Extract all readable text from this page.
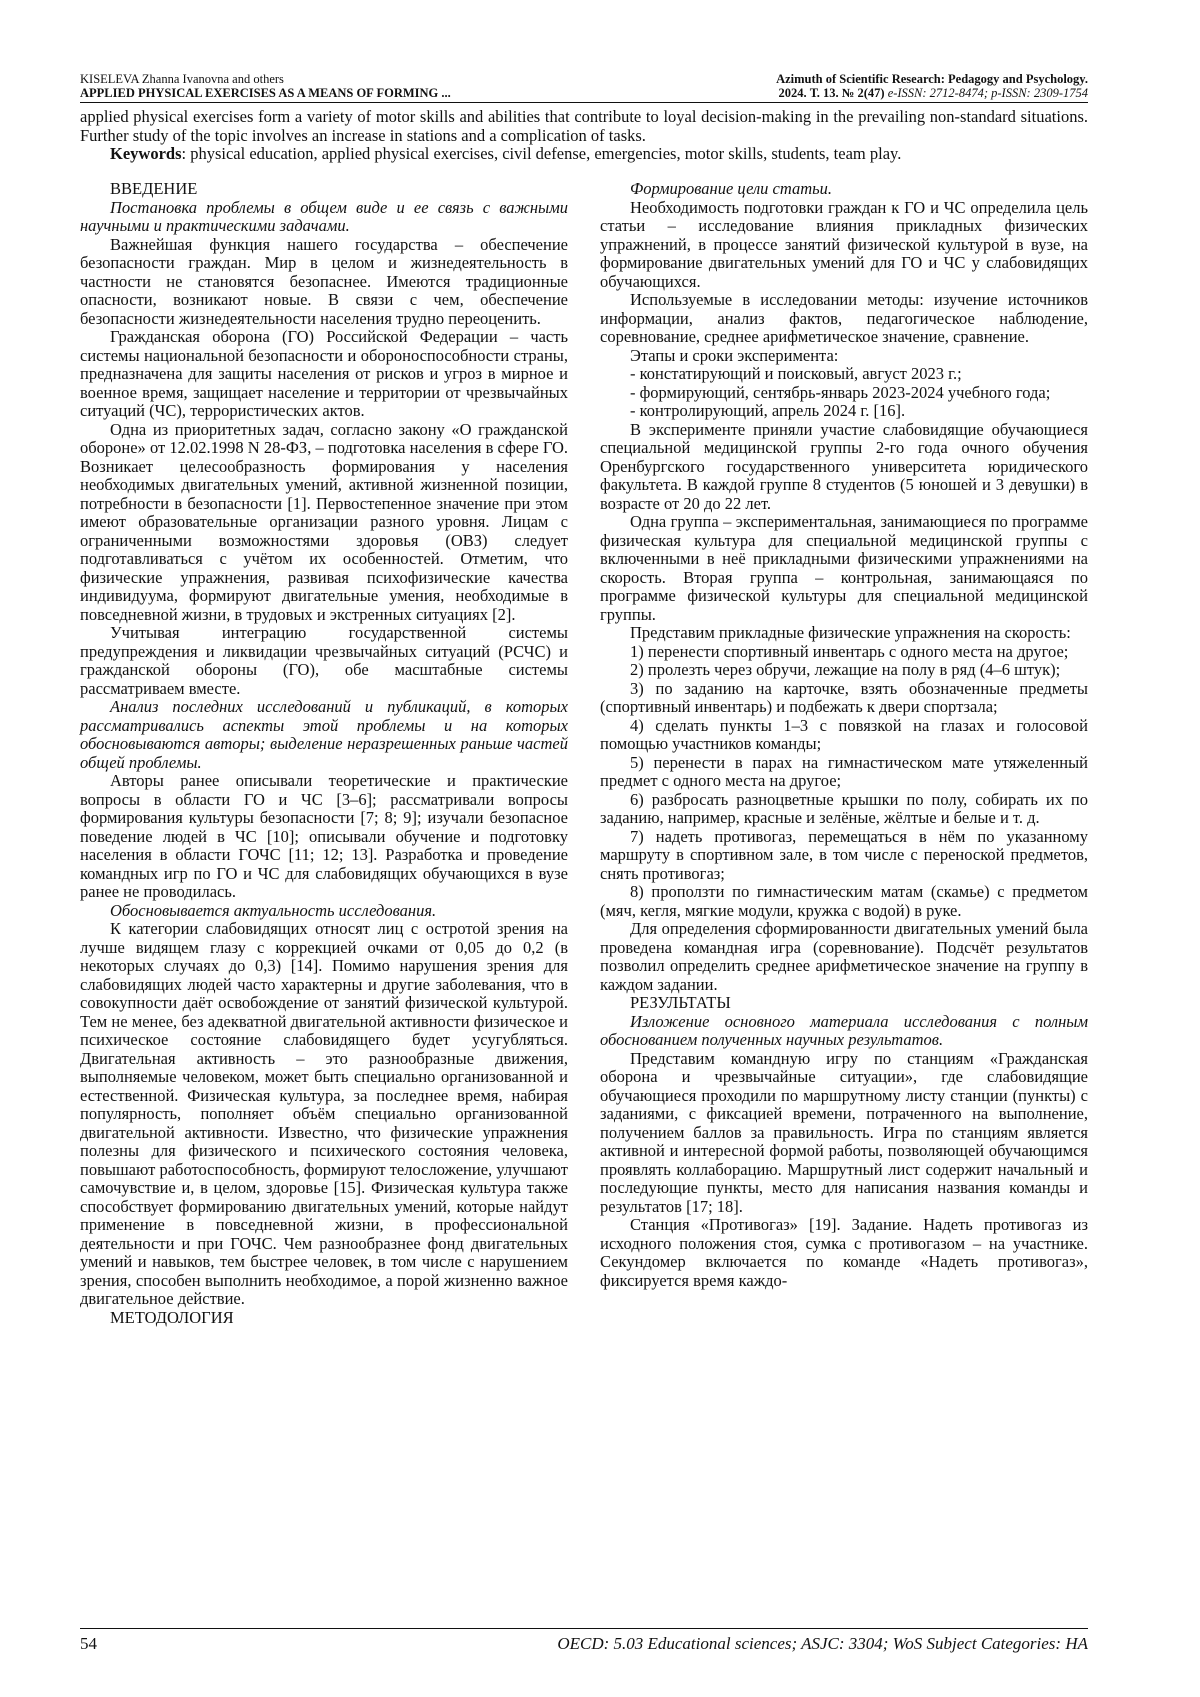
KISELEVA Zhanna Ivanovna and others
APPLIED PHYSICAL EXERCISES AS A MEANS OF FORMING ...
Azimuth of Scientific Research: Pedagogy and Psychology.
2024. Т. 13. № 2(47) e-ISSN: 2712-8474; p-ISSN: 2309-1754

applied physical exercises form a variety of motor skills and abilities that contribute to loyal decision-making in the prevailing non-standard situations. Further study of the topic involves an increase in stations and a complication of tasks.

Keywords: physical education, applied physical exercises, civil defense, emergencies, motor skills, students, team play.

ВВЕДЕНИЕ

Постановка проблемы в общем виде и ее связь с важными научными и практическими задачами.

Важнейшая функция нашего государства – обеспечение безопасности граждан. Мир в целом и жизнедеятельность в частности не становятся безопаснее. Имеются традиционные опасности, возникают новые. В связи с чем, обеспечение безопасности жизнедеятельности населения трудно переоценить.

Гражданская оборона (ГО) Российской Федерации – часть системы национальной безопасности и обороноспособности страны, предназначена для защиты населения от рисков и угроз в мирное и военное время, защищает население и территории от чрезвычайных ситуаций (ЧС), террористических актов.

Одна из приоритетных задач, согласно закону «О гражданской обороне» от 12.02.1998 N 28-ФЗ, – подготовка населения в сфере ГО. Возникает целесообразность формирования у населения необходимых двигательных умений, активной жизненной позиции, потребности в безопасности [1]. Первостепенное значение при этом имеют образовательные организации разного уровня. Лицам с ограниченными возможностями здоровья (ОВЗ) следует подготавливаться с учётом их особенностей. Отметим, что физические упражнения, развивая психофизические качества индивидуума, формируют двигательные умения, необходимые в повседневной жизни, в трудовых и экстренных ситуациях [2].

Учитывая интеграцию государственной системы предупреждения и ликвидации чрезвычайных ситуаций (РСЧС) и гражданской обороны (ГО), обе масштабные системы рассматриваем вместе.

Анализ последних исследований и публикаций, в которых рассматривались аспекты этой проблемы и на которых обосновываются авторы; выделение неразрешенных раньше частей общей проблемы.

Авторы ранее описывали теоретические и практические вопросы в области ГО и ЧС [3–6]; рассматривали вопросы формирования культуры безопасности [7; 8; 9]; изучали безопасное поведение людей в ЧС [10]; описывали обучение и подготовку населения в области ГОЧС [11; 12; 13]. Разработка и проведение командных игр по ГО и ЧС для слабовидящих обучающихся в вузе ранее не проводилась.

Обосновывается актуальность исследования.

К категории слабовидящих относят лиц с остротой зрения на лучше видящем глазу с коррекцией очками от 0,05 до 0,2 (в некоторых случаях до 0,3) [14]. Помимо нарушения зрения для слабовидящих людей часто характерны и другие заболевания, что в совокупности даёт освобождение от занятий физической культурой. Тем не менее, без адекватной двигательной активности физическое и психическое состояние слабовидящего будет усугубляться. Двигательная активность – это разнообразные движения, выполняемые человеком, может быть специально организованной и естественной. Физическая культура, за последнее время, набирая популярность, пополняет объём специально организованной двигательной активности. Известно, что физические упражнения полезны для физического и психического состояния человека, повышают работоспособность, формируют телосложение, улучшают самочувствие и, в целом, здоровье [15]. Физическая культура также способствует формированию двигательных умений, которые найдут применение в повседневной жизни, в профессиональной деятельности и при ГОЧС. Чем разнообразнее фонд двигательных умений и навыков, тем быстрее человек, в том числе с нарушением зрения, способен выполнить необходимое, а порой жизненно важное двигательное действие.

МЕТОДОЛОГИЯ

Формирование цели статьи.

Необходимость подготовки граждан к ГО и ЧС определила цель статьи – исследование влияния прикладных физических упражнений, в процессе занятий физической культурой в вузе, на формирование двигательных умений для ГО и ЧС у слабовидящих обучающихся.

Используемые в исследовании методы: изучение источников информации, анализ фактов, педагогическое наблюдение, соревнование, среднее арифметическое значение, сравнение.

Этапы и сроки эксперимента:

- констатирующий и поисковый, август 2023 г.;

- формирующий, сентябрь-январь 2023-2024 учебного года;

- контролирующий, апрель 2024 г. [16].

В эксперименте приняли участие слабовидящие обучающиеся специальной медицинской группы 2-го года очного обучения Оренбургского государственного университета юридического факультета. В каждой группе 8 студентов (5 юношей и 3 девушки) в возрасте от 20 до 22 лет.

Одна группа – экспериментальная, занимающиеся по программе физическая культура для специальной медицинской группы с включенными в неё прикладными физическими упражнениями на скорость. Вторая группа – контрольная, занимающаяся по программе физической культуры для специальной медицинской группы.

Представим прикладные физические упражнения на скорость:

1) перенести спортивный инвентарь с одного места на другое;

2) пролезть через обручи, лежащие на полу в ряд (4–6 штук);

3) по заданию на карточке, взять обозначенные предметы (спортивный инвентарь) и подбежать к двери спортзала;

4) сделать пункты 1–3 с повязкой на глазах и голосовой помощью участников команды;

5) перенести в парах на гимнастическом мате утяжеленный предмет с одного места на другое;

6) разбросать разноцветные крышки по полу, собирать их по заданию, например, красные и зелёные, жёлтые и белые и т. д.

7) надеть противогаз, перемещаться в нём по указанному маршруту в спортивном зале, в том числе с переноской предметов, снять противогаз;

8) проползти по гимнастическим матам (скамье) с предметом (мяч, кегля, мягкие модули, кружка с водой) в руке.

Для определения сформированности двигательных умений была проведена командная игра (соревнование). Подсчёт результатов позволил определить среднее арифметическое значение на группу в каждом задании.

РЕЗУЛЬТАТЫ

Изложение основного материала исследования с полным обоснованием полученных научных результатов.

Представим командную игру по станциям «Гражданская оборона и чрезвычайные ситуации», где слабовидящие обучающиеся проходили по маршрутному листу станции (пункты) с заданиями, с фиксацией времени, потраченного на выполнение, получением баллов за правильность. Игра по станциям является активной и интересной формой работы, позволяющей обучающимся проявлять коллаборацию. Маршрутный лист содержит начальный и последующие пункты, место для написания названия команды и результатов [17; 18].

Станция «Противогаз» [19]. Задание. Надеть противогаз из исходного положения стоя, сумка с противогазом – на участнике. Секундомер включается по команде «Надеть противогаз», фиксируется время каждо-

54	OECD: 5.03 Educational sciences; ASJC: 3304; WoS Subject Categories: HA
